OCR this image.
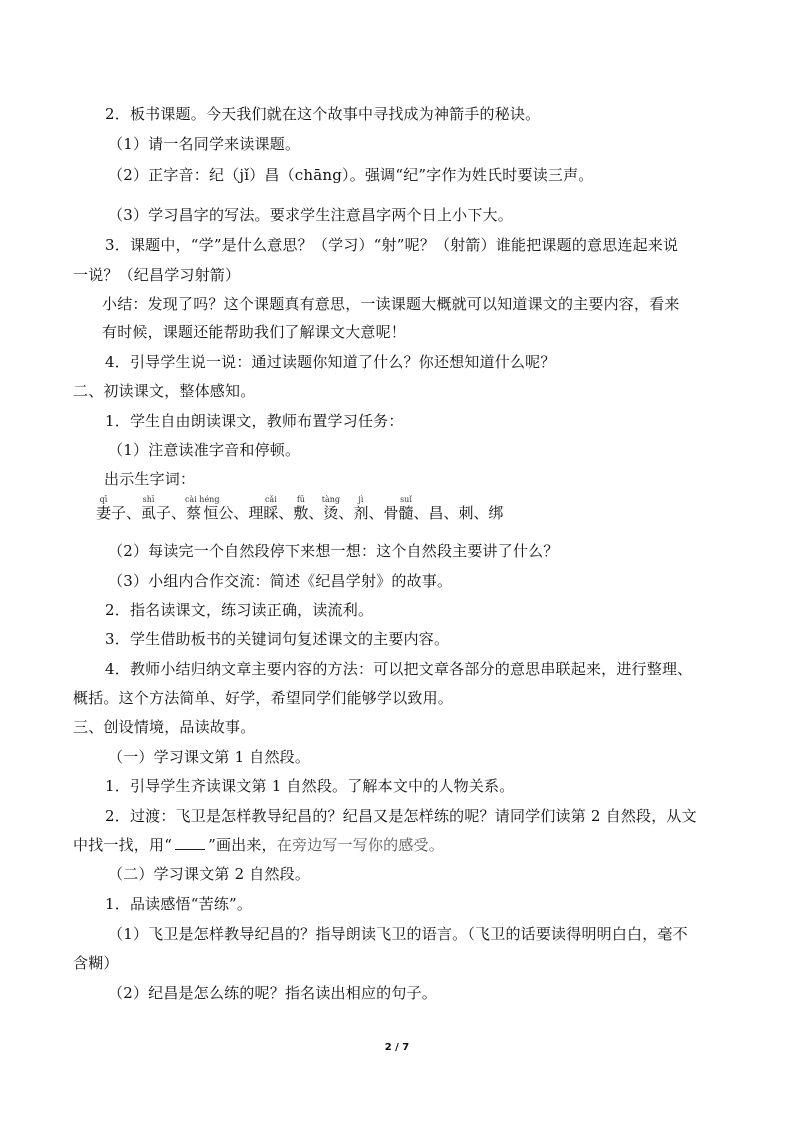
2．板书课题。今天我们就在这个故事中寻找成为神箭手的秘诀。
（1）请一名同学来读课题。
（2）正字音：纪（jǐ）昌（chāng）。强调“纪”字作为姓氏时要读三声。
（3）学习昌字的写法。要求学生注意昌字两个日上小下大。
3．课题中，“学”是什么意思？（学习）“射”呢？（射箭）谁能把课题的意思连起来说
一说？（纪昌学习射箭）
小结：发现了吗？这个课题真有意思，一读课题大概就可以知道课文的主要内容，看来
有时候，课题还能帮助我们了解课文大意呢！
4．引导学生说一说：通过读题你知道了什么？你还想知道什么呢？
二、初读课文，整体感知。
1．学生自由朗读课文，教师布置学习任务：
（1）注意读准字音和停顿。
出示生字词：
妻qī子、虱shī子、蔡恒cài héng公、理睬cǎi、敷fū、烫tàng、剂jì、骨髓suǐ、昌、刺、绑
（2）每读完一个自然段停下来想一想：这个自然段主要讲了什么？
（3）小组内合作交流：简述《纪昌学射》的故事。
2．指名读课文，练习读正确，读流利。
3．学生借助板书的关键词句复述课文的主要内容。
4．教师小结归纳文章主要内容的方法：可以把文章各部分的意思串联起来，进行整理、
概括。这个方法简单、好学，希望同学们能够学以致用。
三、创设情境，品读故事。
（一）学习课文第 1 自然段。
1．引导学生齐读课文第 1 自然段。了解本文中的人物关系。
2．过渡：飞卫是怎样教导纪昌的？纪昌又是怎样练的呢？请同学们读第 2 自然段，从文
中找一找，用“ ”画出来，在旁边写一写你的感受。
（二）学习课文第 2 自然段。
1．品读感悟“苦练”。
（1）飞卫是怎样教导纪昌的？指导朗读飞卫的语言。（飞卫的话要读得明明白白，毫不
含糊）
（2）纪昌是怎么练的呢？指名读出相应的句子。
2 / 7
